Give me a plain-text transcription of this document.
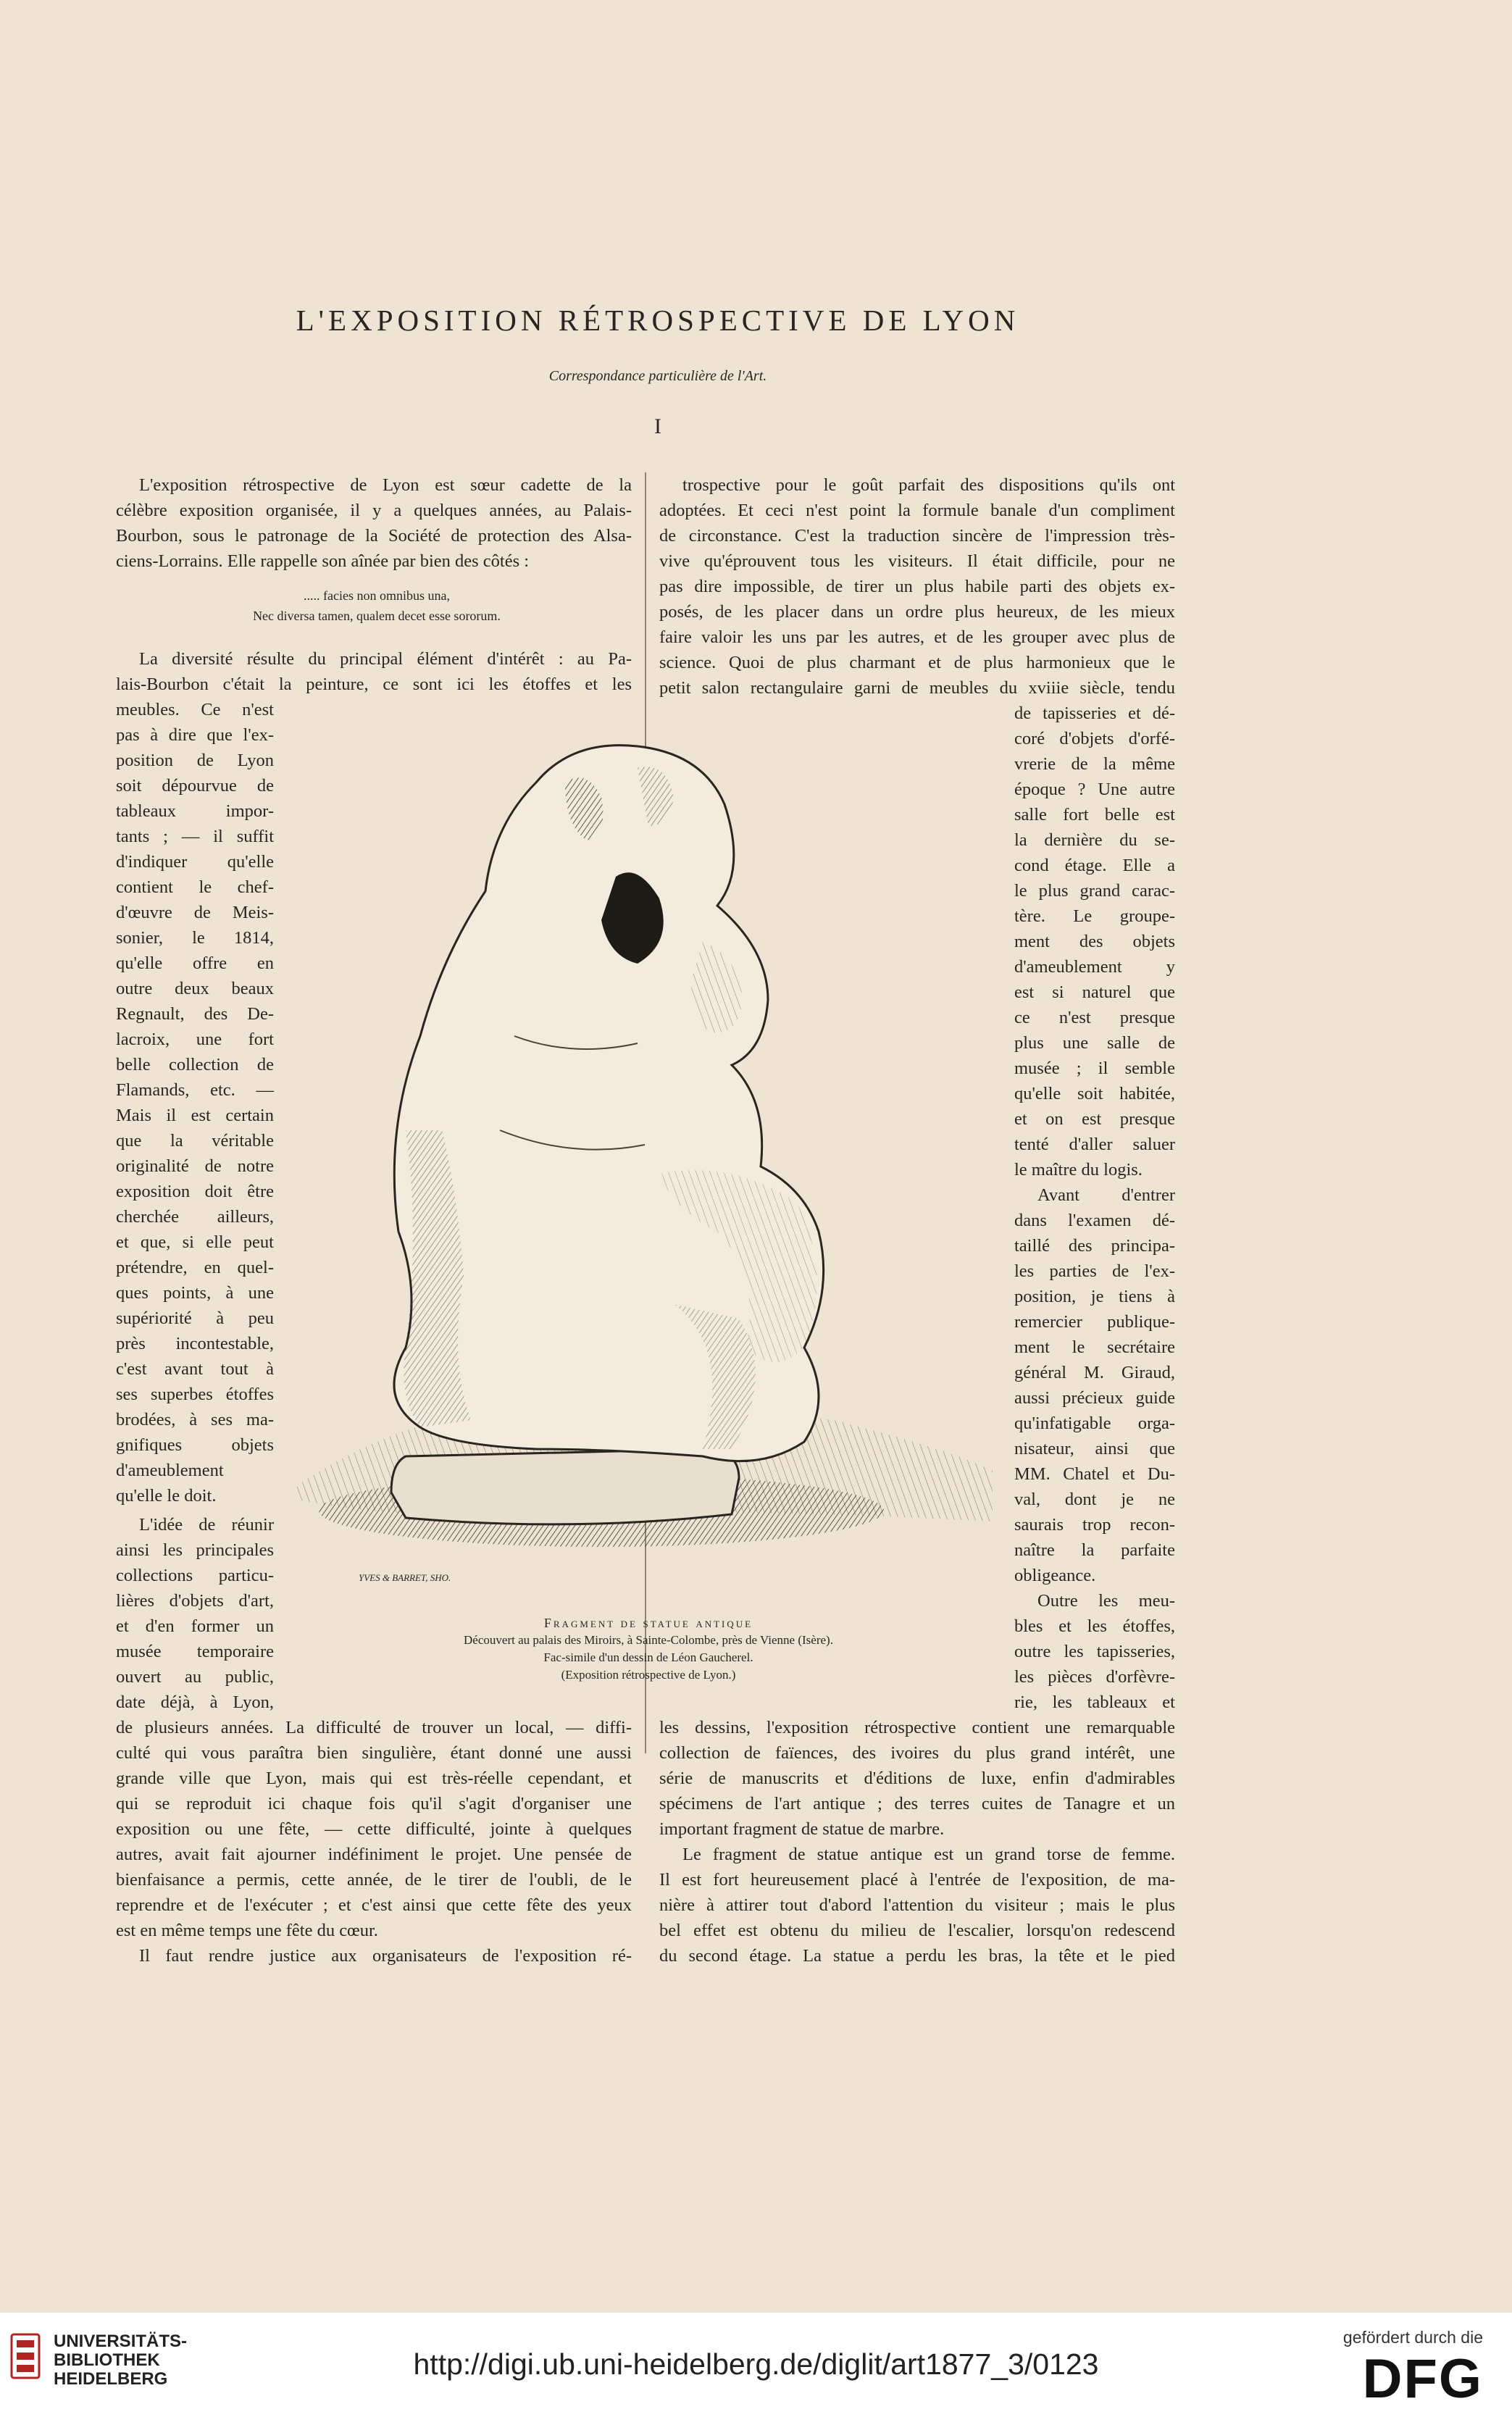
L'EXPOSITION RÉTROSPECTIVE DE LYON
Correspondance particulière de l'Art.
I
L'exposition rétrospective de Lyon est sœur cadette de la
célèbre exposition organisée, il y a quelques années, au Palais-
Bourbon, sous le patronage de la Société de protection des Alsa-
ciens-Lorrains. Elle rappelle son aînée par bien des côtés :
..... facies non omnibus una,
Nec diversa tamen, qualem decet esse sororum.
La diversité résulte du principal élément d'intérêt : au Pa-
lais-Bourbon c'était la peinture, ce sont ici les étoffes et les
meubles. Ce n'est
pas à dire que l'ex-
position de Lyon
soit dépourvue de
tableaux impor-
tants ; — il suffit
d'indiquer qu'elle
contient le chef-
d'œuvre de Meis-
sonier, le 1814,
qu'elle offre en
outre deux beaux
Regnault, des De-
lacroix, une fort
belle collection de
Flamands, etc. —
Mais il est certain
que la véritable
originalité de notre
exposition doit être
cherchée ailleurs,
et que, si elle peut
prétendre, en quel-
ques points, à une
supériorité à peu
près incontestable,
c'est avant tout à
ses superbes étoffes
brodées, à ses ma-
gnifiques objets
d'ameublement
qu'elle le doit.
L'idée de réunir
ainsi les principales
collections particu-
lières d'objets d'art,
et d'en former un
musée temporaire
ouvert au public,
date déjà, à Lyon,
de plusieurs années. La difficulté de trouver un local, — diffi-
culté qui vous paraîtra bien singulière, étant donné une aussi
grande ville que Lyon, mais qui est très-réelle cependant, et
qui se reproduit ici chaque fois qu'il s'agit d'organiser une
exposition ou une fête, — cette difficulté, jointe à quelques
autres, avait fait ajourner indéfiniment le projet. Une pensée de
bienfaisance a permis, cette année, de le tirer de l'oubli, de le
reprendre et de l'exécuter ; et c'est ainsi que cette fête des yeux
est en même temps une fête du cœur.
Il faut rendre justice aux organisateurs de l'exposition ré-
trospective pour le goût parfait des dispositions qu'ils ont
adoptées. Et ceci n'est point la formule banale d'un compliment
de circonstance. C'est la traduction sincère de l'impression très-
vive qu'éprouvent tous les visiteurs. Il était difficile, pour ne
pas dire impossible, de tirer un plus habile parti des objets ex-
posés, de les placer dans un ordre plus heureux, de les mieux
faire valoir les uns par les autres, et de les grouper avec plus de
science. Quoi de plus charmant et de plus harmonieux que le
petit salon rectangulaire garni de meubles du xviiie siècle, tendu
de tapisseries et dé-
coré d'objets d'orfé-
vrerie de la même
époque ? Une autre
salle fort belle est
la dernière du se-
cond étage. Elle a
le plus grand carac-
tère. Le groupe-
ment des objets
d'ameublement y
est si naturel que
ce n'est presque
plus une salle de
musée ; il semble
qu'elle soit habitée,
et on est presque
tenté d'aller saluer
le maître du logis.
Avant d'entrer
dans l'examen dé-
taillé des principa-
les parties de l'ex-
position, je tiens à
remercier publique-
ment le secrétaire
général M. Giraud,
aussi précieux guide
qu'infatigable orga-
nisateur, ainsi que
MM. Chatel et Du-
val, dont je ne
saurais trop recon-
naître la parfaite
obligeance.
Outre les meu-
bles et les étoffes,
outre les tapisseries,
les pièces d'orfèvre-
rie, les tableaux et
les dessins, l'exposition rétrospective contient une remarquable
collection de faïences, des ivoires du plus grand intérêt, une
série de manuscrits et d'éditions de luxe, enfin d'admirables
spécimens de l'art antique ; des terres cuites de Tanagre et un
important fragment de statue de marbre.
Le fragment de statue antique est un grand torse de femme.
Il est fort heureusement placé à l'entrée de l'exposition, de ma-
nière à attirer tout d'abord l'attention du visiteur ; mais le plus
bel effet est obtenu du milieu de l'escalier, lorsqu'on redescend
du second étage. La statue a perdu les bras, la tête et le pied
YVES & BARRET, SHO.
Fragment de statue antique
Découvert au palais des Miroirs, à Sainte-Colombe, près de Vienne (Isère).
Fac-simile d'un dessin de Léon Gaucherel.
(Exposition rétrospective de Lyon.)
UNIVERSITÄTS-
BIBLIOTHEK
HEIDELBERG	http://digi.ub.uni-heidelberg.de/diglit/art1877_3/0123
gefördert durch die
DFG
